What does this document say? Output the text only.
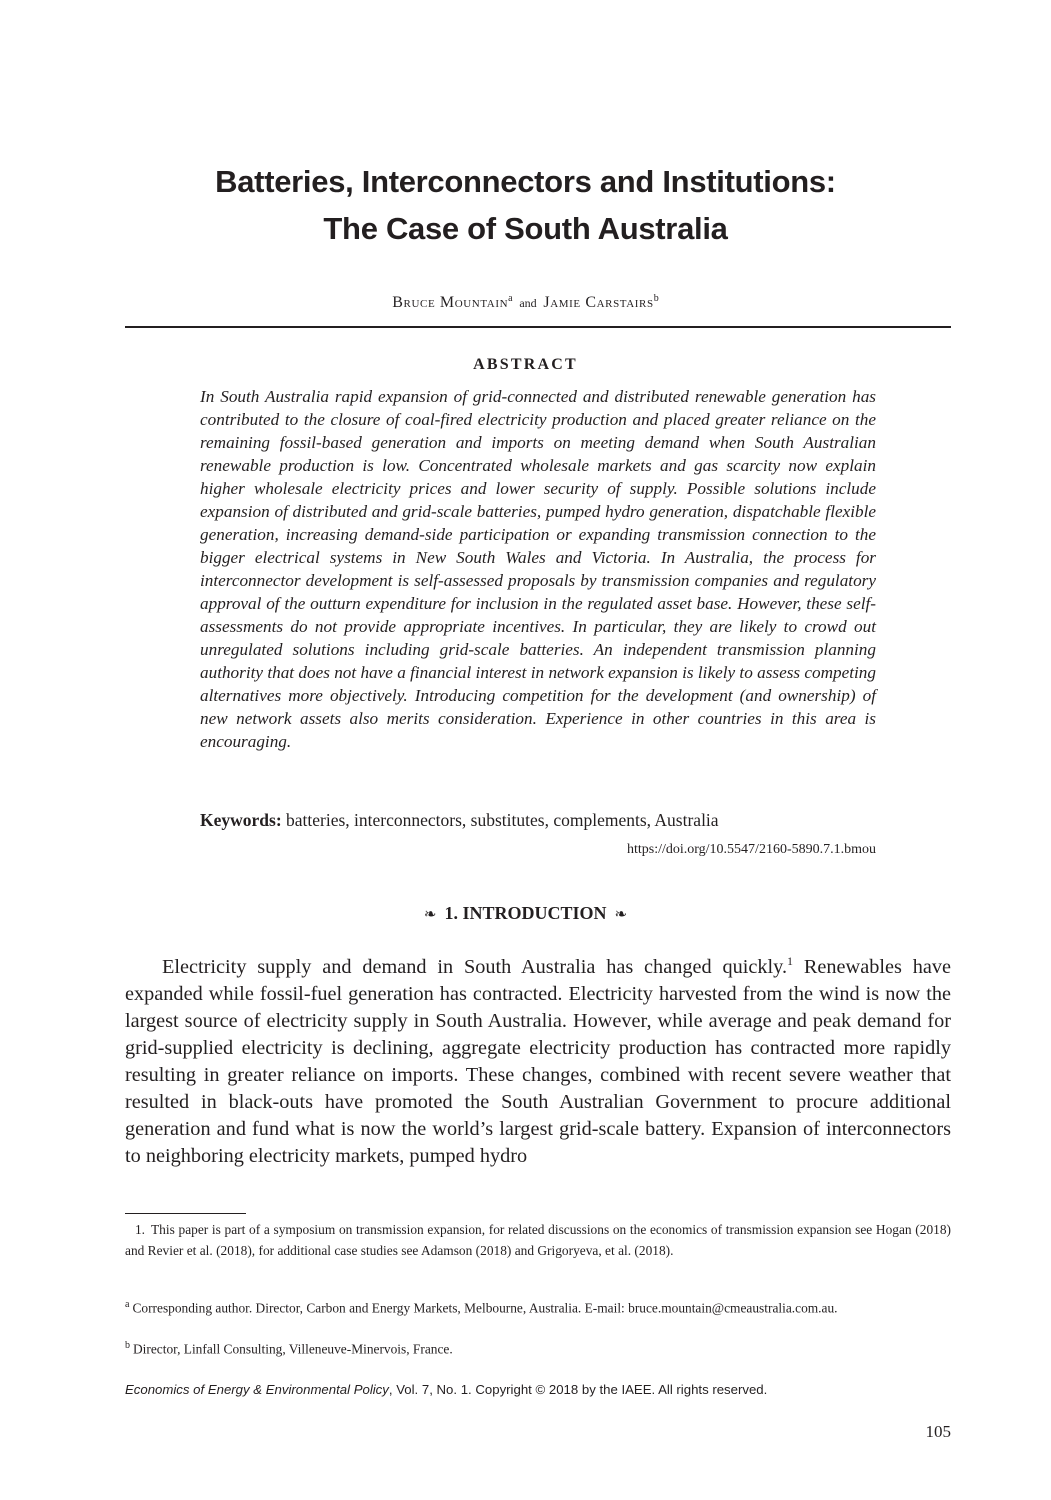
Batteries, Interconnectors and Institutions:
The Case of South Australia
Bruce Mountain$^a$ and Jamie Carstairs$^b$
ABSTRACT

In South Australia rapid expansion of grid-connected and distributed renewable generation has contributed to the closure of coal-fired electricity production and placed greater reliance on the remaining fossil-based generation and imports on meeting demand when South Australian renewable production is low. Concentrated wholesale markets and gas scarcity now explain higher wholesale electricity prices and lower security of supply. Possible solutions include expansion of distributed and grid-scale batteries, pumped hydro generation, dispatchable flexible generation, increasing demand-side participation or expanding transmission connection to the bigger electrical systems in New South Wales and Victoria. In Australia, the process for interconnector development is self-assessed proposals by transmission companies and regulatory approval of the outturn expenditure for inclusion in the regulated asset base. However, these self-assessments do not provide appropriate incentives. In particular, they are likely to crowd out unregulated solutions including grid-scale batteries. An independent transmission planning authority that does not have a financial interest in network expansion is likely to assess competing alternatives more objectively. Introducing competition for the development (and ownership) of new network assets also merits consideration. Experience in other countries in this area is encouraging.

Keywords: batteries, interconnectors, substitutes, complements, Australia
https://doi.org/10.5547/2160-5890.7.1.bmou
❧ 1. INTRODUCTION ❧

Electricity supply and demand in South Australia has changed quickly.$^1$ Renewables have expanded while fossil-fuel generation has contracted. Electricity harvested from the wind is now the largest source of electricity supply in South Australia. However, while average and peak demand for grid-supplied electricity is declining, aggregate electricity production has contracted more rapidly resulting in greater reliance on imports. These changes, combined with recent severe weather that resulted in black-outs have promoted the South Australian Government to procure additional generation and fund what is now the world’s largest grid-scale battery. Expansion of interconnectors to neighboring electricity markets, pumped hydro

1. This paper is part of a symposium on transmission expansion, for related discussions on the economics of transmission expansion see Hogan (2018) and Revier et al. (2018), for additional case studies see Adamson (2018) and Grigoryeva, et al. (2018).

$^a$ Corresponding author. Director, Carbon and Energy Markets, Melbourne, Australia. E-mail: bruce.mountain@cmeaustralia.com.au.

$^b$ Director, Linfall Consulting, Villeneuve-Minervois, France.

Economics of Energy & Environmental Policy, Vol. 7, No. 1. Copyright © 2018 by the IAEE. All rights reserved.
105
